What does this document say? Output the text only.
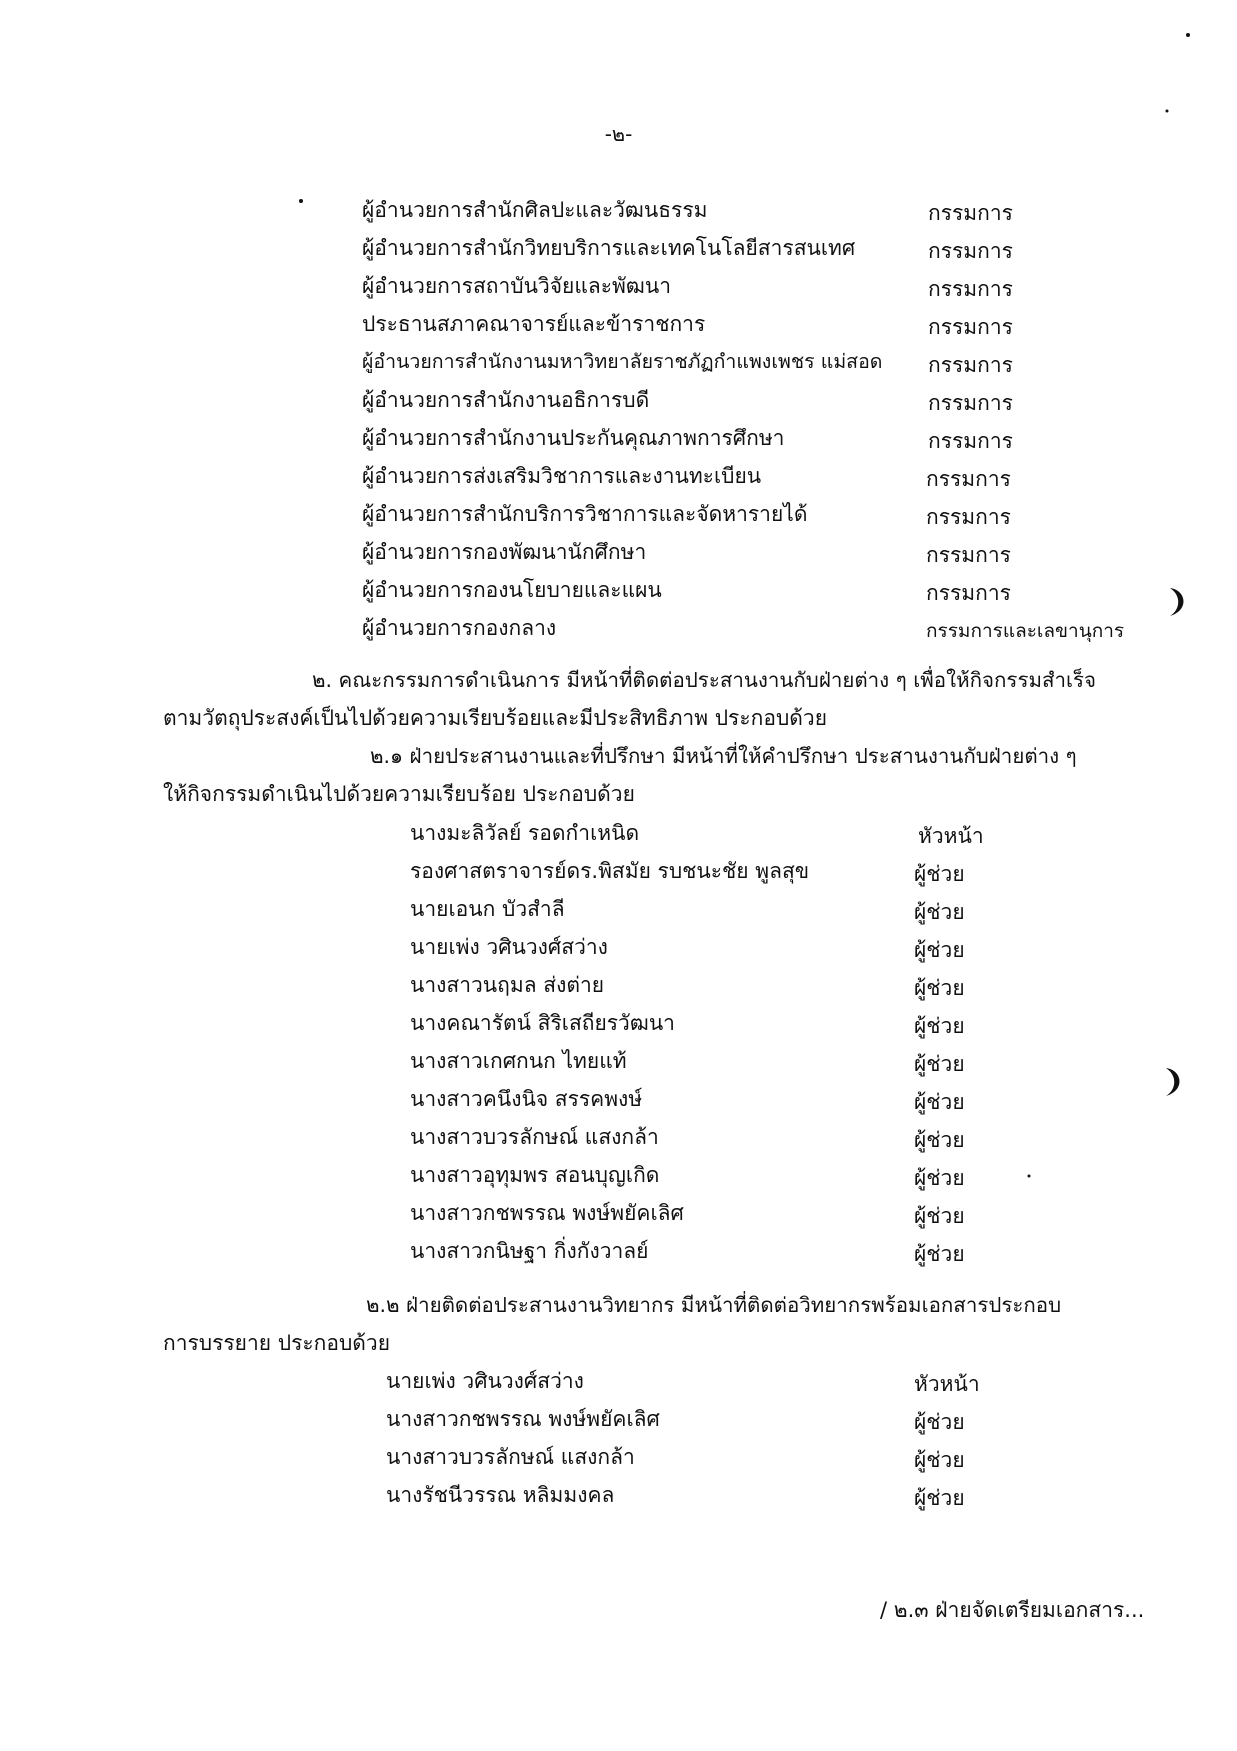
-๒-
ผู้อำนวยการสำนักศิลปะและวัฒนธรรม	กรรมการ
ผู้อำนวยการสำนักวิทยบริการและเทคโนโลยีสารสนเทศ	กรรมการ
ผู้อำนวยการสถาบันวิจัยและพัฒนา	กรรมการ
ประธานสภาคณาจารย์และข้าราชการ	กรรมการ
ผู้อำนวยการสำนักงานมหาวิทยาลัยราชภัฏกำแพงเพชร แม่สอด กรรมการ
ผู้อำนวยการสำนักงานอธิการบดี	กรรมการ
ผู้อำนวยการสำนักงานประกันคุณภาพการศึกษา	กรรมการ
ผู้อำนวยการส่งเสริมวิชาการและงานทะเบียน	กรรมการ
ผู้อำนวยการสำนักบริการวิชาการและจัดหารายได้	กรรมการ
ผู้อำนวยการกองพัฒนานักศึกษา	กรรมการ
ผู้อำนวยการกองนโยบายและแผน	กรรมการ
ผู้อำนวยการกองกลาง	กรรมการและเลขานุการ
๒. คณะกรรมการดำเนินการ มีหน้าที่ติดต่อประสานงานกับฝ่ายต่าง ๆ เพื่อให้กิจกรรมสำเร็จ
ตามวัตถุประสงค์เป็นไปด้วยความเรียบร้อยและมีประสิทธิภาพ ประกอบด้วย
๒.๑ ฝ่ายประสานงานและที่ปรึกษา มีหน้าที่ให้คำปรึกษา ประสานงานกับฝ่ายต่าง ๆ
ให้กิจกรรมดำเนินไปด้วยความเรียบร้อย ประกอบด้วย
นางมะลิวัลย์ รอดกำเหนิด	หัวหน้า
รองศาสตราจารย์ดร.พิสมัย รบชนะชัย พูลสุข	ผู้ช่วย
นายเอนก บัวสำลี	ผู้ช่วย
นายเพ่ง วศินวงศ์สว่าง	ผู้ช่วย
นางสาวนฤมล ส่งต่าย	ผู้ช่วย
นางคณารัตน์ สิริเสถียรวัฒนา	ผู้ช่วย
นางสาวเกศกนก ไทยแท้	ผู้ช่วย
นางสาวคนึงนิจ สรรคพงษ์	ผู้ช่วย
นางสาวบวรลักษณ์ แสงกล้า	ผู้ช่วย
นางสาวอุทุมพร สอนบุญเกิด	ผู้ช่วย
นางสาวกชพรรณ พงษ์พยัคเลิศ	ผู้ช่วย
นางสาวกนิษฐา กิ่งกังวาลย์	ผู้ช่วย
๒.๒ ฝ่ายติดต่อประสานงานวิทยากร มีหน้าที่ติดต่อวิทยากรพร้อมเอกสารประกอบ
การบรรยาย ประกอบด้วย
นายเพ่ง วศินวงศ์สว่าง	หัวหน้า
นางสาวกชพรรณ พงษ์พยัคเลิศ	ผู้ช่วย
นางสาวบวรลักษณ์ แสงกล้า	ผู้ช่วย
นางรัชนีวรรณ หลิมมงคล	ผู้ช่วย
/ ๒.๓ ฝ่ายจัดเตรียมเอกสาร...
